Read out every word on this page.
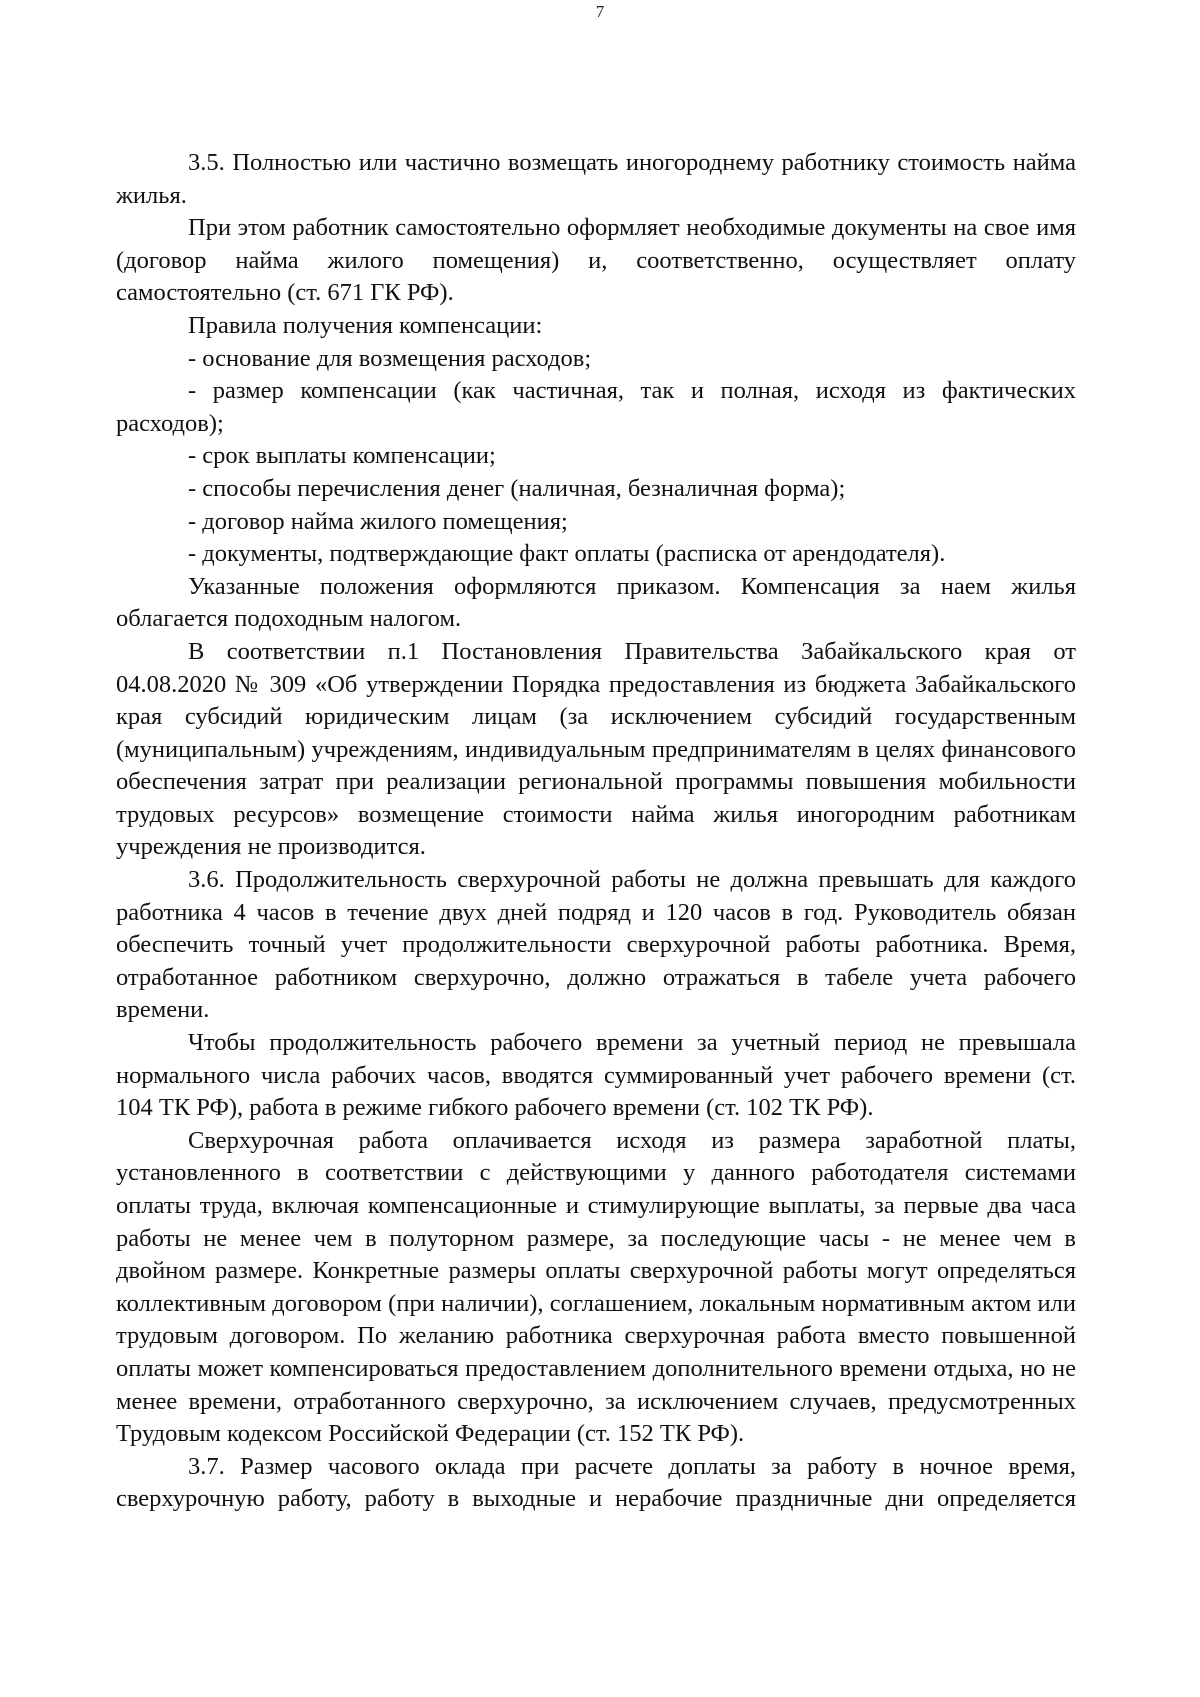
7

3.5. Полностью или частично возмещать иногороднему работнику стоимость найма жилья.

При этом работник самостоятельно оформляет необходимые документы на свое имя (договор найма жилого помещения) и, соответственно, осуществляет оплату самостоятельно (ст. 671 ГК РФ).

Правила получения компенсации:

- основание для возмещения расходов;

- размер компенсации (как частичная, так и полная, исходя из фактических расходов);

- срок выплаты компенсации;

- способы перечисления денег (наличная, безналичная форма);

- договор найма жилого помещения;

- документы, подтверждающие факт оплаты (расписка от арендодателя).

Указанные положения оформляются приказом. Компенсация за наем жилья облагается подоходным налогом.

В соответствии п.1 Постановления Правительства Забайкальского края от 04.08.2020 № 309 «Об утверждении Порядка предоставления из бюджета Забайкальского края субсидий юридическим лицам (за исключением субсидий государственным (муниципальным) учреждениям, индивидуальным предпринимателям в целях финансового обеспечения затрат при реализации региональной программы повышения мобильности трудовых ресурсов» возмещение стоимости найма жилья иногородним работникам учреждения не производится.

3.6. Продолжительность сверхурочной работы не должна превышать для каждого работника 4 часов в течение двух дней подряд и 120 часов в год. Руководитель обязан обеспечить точный учет продолжительности сверхурочной работы работника. Время, отработанное работником сверхурочно, должно отражаться в табеле учета рабочего времени.

Чтобы продолжительность рабочего времени за учетный период не превышала нормального числа рабочих часов, вводятся суммированный учет рабочего времени (ст. 104 ТК РФ), работа в режиме гибкого рабочего времени (ст. 102 ТК РФ).

Сверхурочная работа оплачивается исходя из размера заработной платы, установленного в соответствии с действующими у данного работодателя системами оплаты труда, включая компенсационные и стимулирующие выплаты, за первые два часа работы не менее чем в полуторном размере, за последующие часы - не менее чем в двойном размере. Конкретные размеры оплаты сверхурочной работы могут определяться коллективным договором (при наличии), соглашением, локальным нормативным актом или трудовым договором. По желанию работника сверхурочная работа вместо повышенной оплаты может компенсироваться предоставлением дополнительного времени отдыха, но не менее времени, отработанного сверхурочно, за исключением случаев, предусмотренных Трудовым кодексом Российской Федерации (ст. 152 ТК РФ).

3.7. Размер часового оклада при расчете доплаты за работу в ночное время, сверхурочную работу, работу в выходные и нерабочие праздничные дни определяется
